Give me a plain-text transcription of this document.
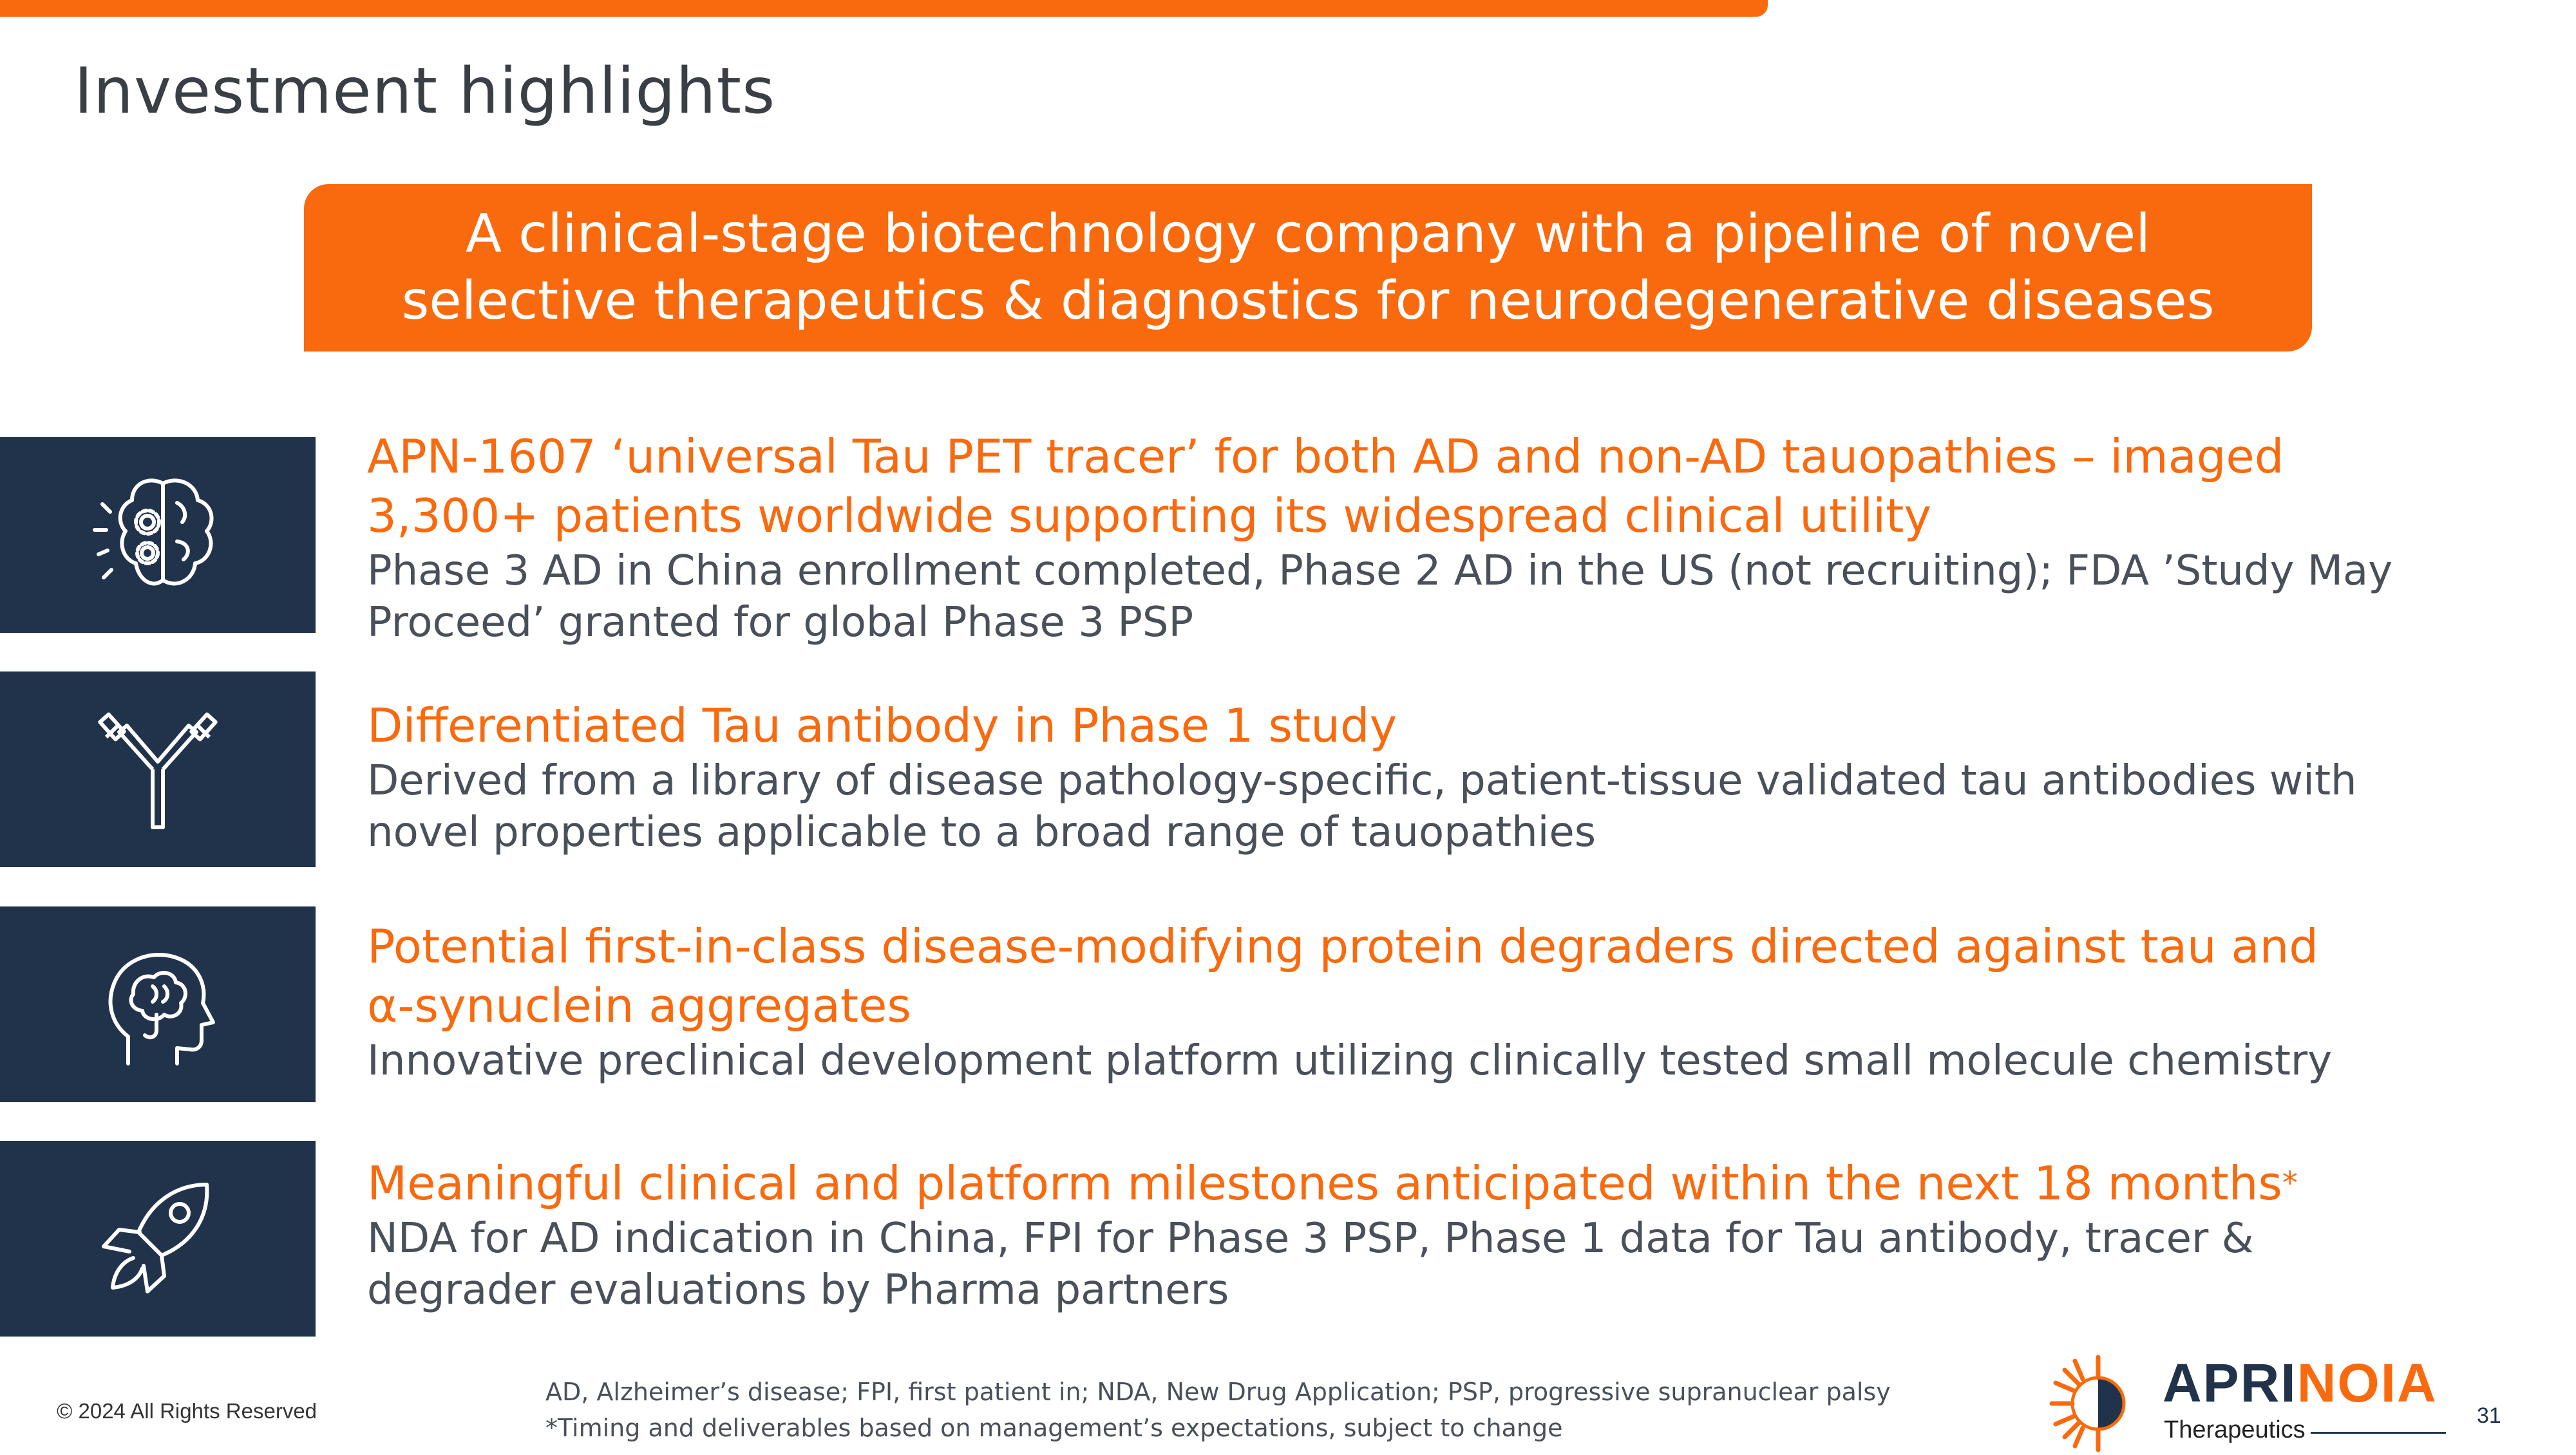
Investment highlights
A clinical-stage biotechnology company with a pipeline of novel
selective therapeutics & diagnostics for neurodegenerative diseases
APN-1607 ‘universal Tau PET tracer’ for both AD and non-AD tauopathies – imaged
3,300+ patients worldwide supporting its widespread clinical utility
Phase 3 AD in China enrollment completed, Phase 2 AD in the US (not recruiting); FDA ’Study May
Proceed’ granted for global Phase 3 PSP
Differentiated Tau antibody in Phase 1 study
Derived from a library of disease pathology-specific, patient-tissue validated tau antibodies with
novel properties applicable to a broad range of tauopathies
Potential first-in-class disease-modifying protein degraders directed against tau and
α-synuclein aggregates
Innovative preclinical development platform utilizing clinically tested small molecule chemistry
Meaningful clinical and platform milestones anticipated within the next 18 months*
NDA for AD indication in China, FPI for Phase 3 PSP, Phase 1 data for Tau antibody, tracer &
degrader evaluations by Pharma partners
© 2024 All Rights Reserved
AD, Alzheimer’s disease; FPI, first patient in; NDA, New Drug Application; PSP, progressive supranuclear palsy
*Timing and deliverables based on management’s expectations, subject to change
APRINOIA
Therapeutics
31
